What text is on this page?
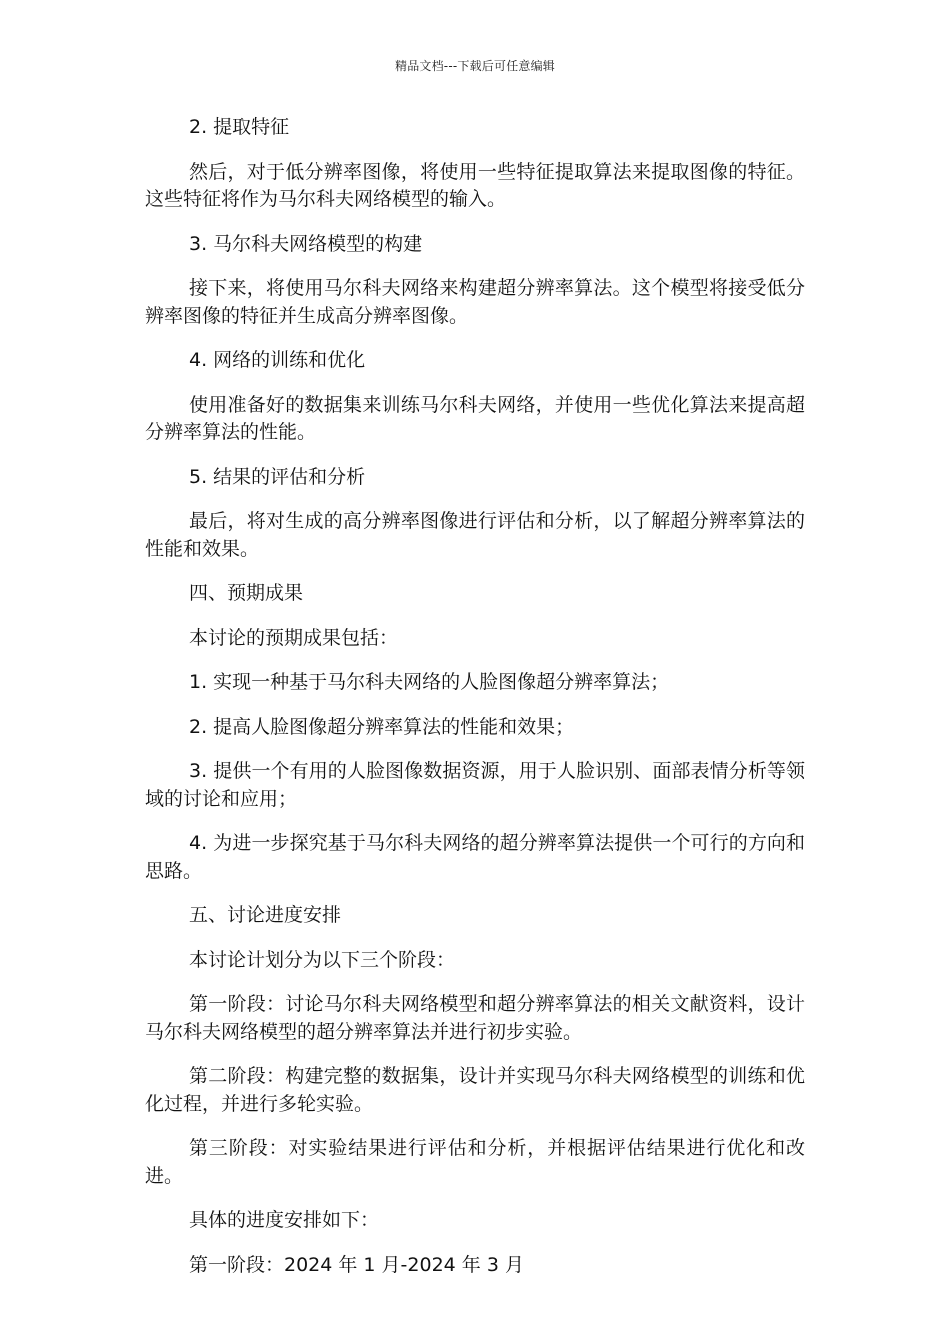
精品文档---下载后可任意编辑

2. 提取特征

然后，对于低分辨率图像，将使用一些特征提取算法来提取图像的特征。这些特征将作为马尔科夫网络模型的输入。

3. 马尔科夫网络模型的构建

接下来，将使用马尔科夫网络来构建超分辨率算法。这个模型将接受低分辨率图像的特征并生成高分辨率图像。

4. 网络的训练和优化

使用准备好的数据集来训练马尔科夫网络，并使用一些优化算法来提高超分辨率算法的性能。

5. 结果的评估和分析

最后，将对生成的高分辨率图像进行评估和分析，以了解超分辨率算法的性能和效果。

四、预期成果

本讨论的预期成果包括：

1. 实现一种基于马尔科夫网络的人脸图像超分辨率算法；

2. 提高人脸图像超分辨率算法的性能和效果；

3. 提供一个有用的人脸图像数据资源，用于人脸识别、面部表情分析等领域的讨论和应用；

4. 为进一步探究基于马尔科夫网络的超分辨率算法提供一个可行的方向和思路。

五、讨论进度安排

本讨论计划分为以下三个阶段：

第一阶段：讨论马尔科夫网络模型和超分辨率算法的相关文献资料，设计马尔科夫网络模型的超分辨率算法并进行初步实验。

第二阶段：构建完整的数据集，设计并实现马尔科夫网络模型的训练和优化过程，并进行多轮实验。

第三阶段：对实验结果进行评估和分析，并根据评估结果进行优化和改进。

具体的进度安排如下：

第一阶段：2024 年 1 月-2024 年 3 月
